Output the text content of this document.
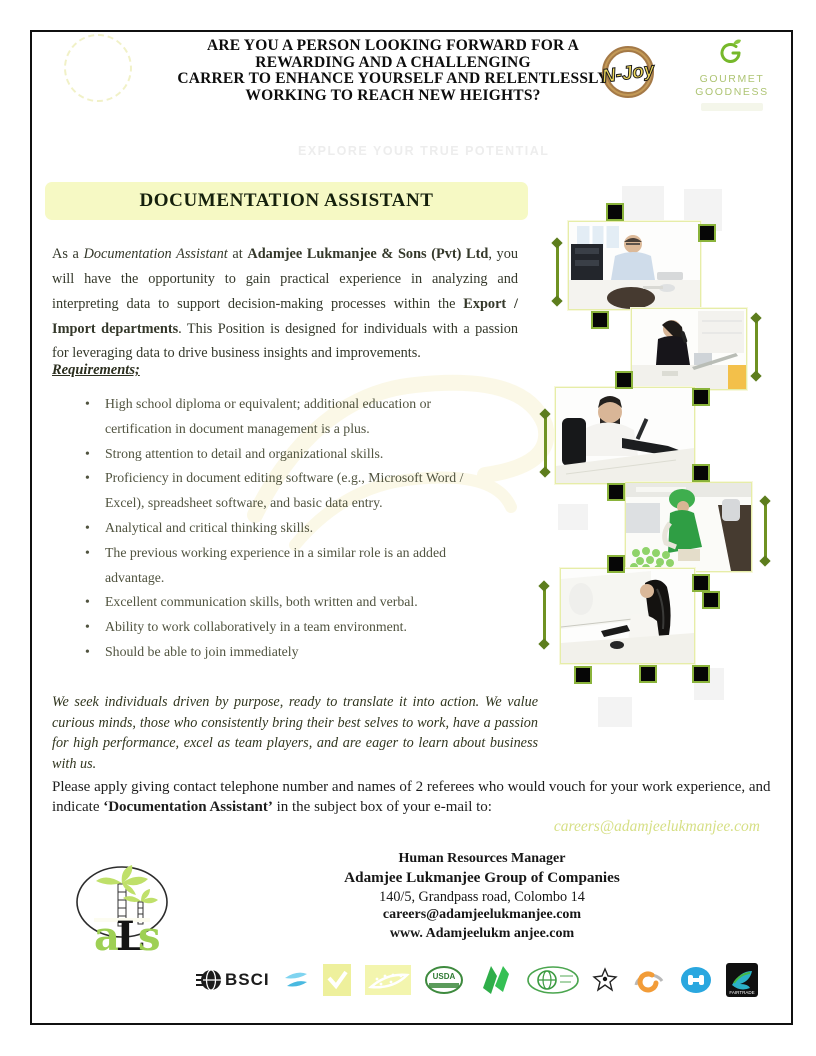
ARE YOU A PERSON LOOKING FORWARD FOR A
REWARDING AND A CHALLENGING
CARRER TO ENHANCE YOURSELF AND RELENTLESSLY
WORKING TO REACH NEW HEIGHTS?
N-Joy	GOURMET
GOODNESS
EXPLORE YOUR TRUE POTENTIAL
DOCUMENTATION ASSISTANT

As a Documentation Assistant at Adamjee Lukmanjee & Sons (Pvt) Ltd, you will have the opportunity to gain practical experience in analyzing and interpreting data to support decision-making processes within the Export / Import departments. This Position is designed for individuals with a passion for leveraging data to drive business insights and improvements.

Requirements;
• High school diploma or equivalent; additional education or certification in document management is a plus.
• Strong attention to detail and organizational skills.
• Proficiency in document editing software (e.g., Microsoft Word / Excel), spreadsheet software, and basic data entry.
• Analytical and critical thinking skills.
• The previous working experience in a similar role is an added advantage.
• Excellent communication skills, both written and verbal.
• Ability to work collaboratively in a team environment.
• Should be able to join immediately

We seek individuals driven by purpose, ready to translate it into action. We value curious minds, those who consistently bring their best selves to work, have a passion for high performance, excel as team players, and are eager to learn about business with us.

Please apply giving contact telephone number and names of 2 referees who would vouch for your work experience, and indicate ‘Documentation Assistant’ in the subject box of your e-mail to:
careers@adamjeelukmanjee.com
Human Resources Manager
Adamjee Lukmanjee Group of Companies
140/5, Grandpass road, Colombo 14
careers@adamjeelukmanjee.com
www. Adamjeelukm anjee.com
a
L
s
BSCI	USDA
FAIRTRADE
